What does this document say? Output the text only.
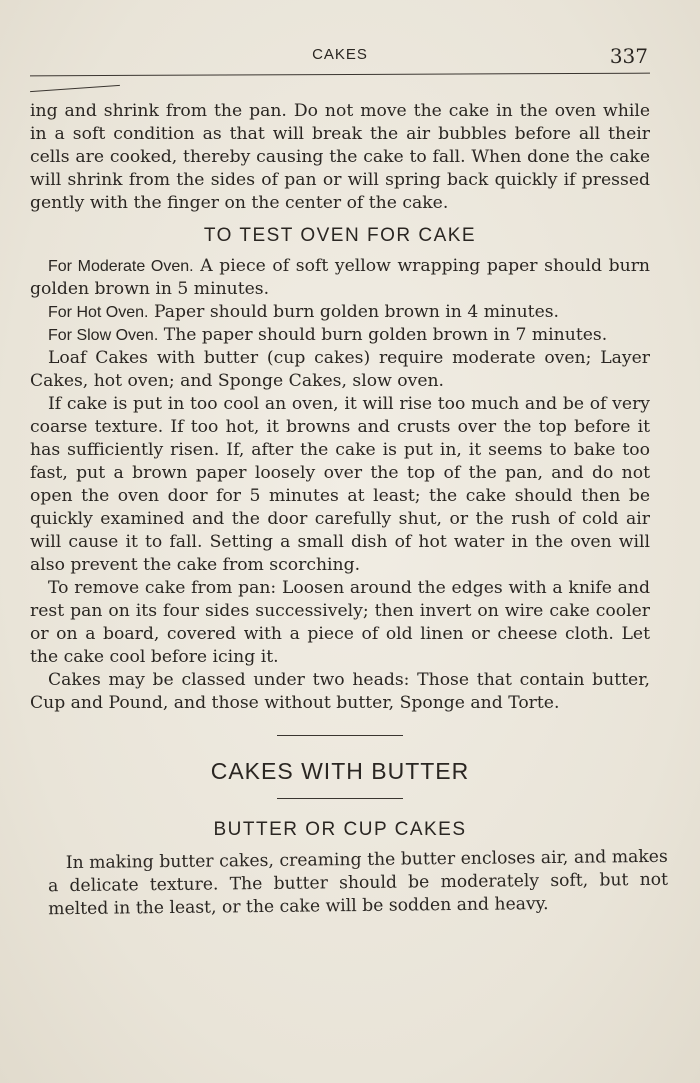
CAKES	337

ing and shrink from the pan. Do not move the cake in the oven while in a soft condition as that will break the air bubbles before all their cells are cooked, thereby causing the cake to fall. When done the cake will shrink from the sides of pan or will spring back quickly if pressed gently with the finger on the center of the cake.

TO TEST OVEN FOR CAKE

For Moderate Oven. A piece of soft yellow wrapping paper should burn golden brown in 5 minutes.

For Hot Oven. Paper should burn golden brown in 4 minutes.

For Slow Oven. The paper should burn golden brown in 7 minutes.

Loaf Cakes with butter (cup cakes) require moderate oven; Layer Cakes, hot oven; and Sponge Cakes, slow oven.

If cake is put in too cool an oven, it will rise too much and be of very coarse texture. If too hot, it browns and crusts over the top before it has sufficiently risen. If, after the cake is put in, it seems to bake too fast, put a brown paper loosely over the top of the pan, and do not open the oven door for 5 minutes at least; the cake should then be quickly examined and the door carefully shut, or the rush of cold air will cause it to fall. Setting a small dish of hot water in the oven will also prevent the cake from scorching.

To remove cake from pan: Loosen around the edges with a knife and rest pan on its four sides successively; then invert on wire cake cooler or on a board, covered with a piece of old linen or cheese cloth. Let the cake cool before icing it.

Cakes may be classed under two heads: Those that contain butter, Cup and Pound, and those without butter, Sponge and Torte.

CAKES WITH BUTTER
BUTTER OR CUP CAKES

In making butter cakes, creaming the butter encloses air, and makes a delicate texture. The butter should be moderately soft, but not melted in the least, or the cake will be sodden and heavy.
